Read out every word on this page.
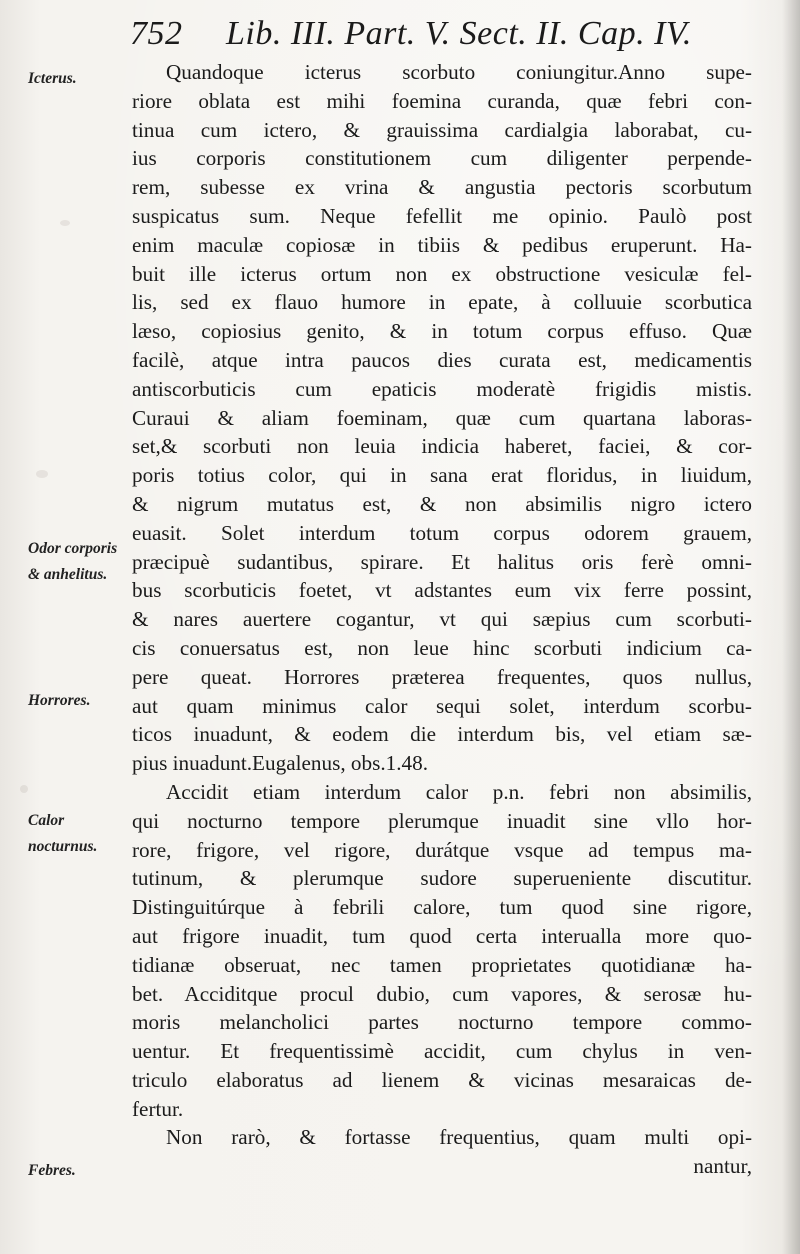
752 Lib. III. Part. V. Sect. II. Cap. IV.
Icterus.
Odor corporis & anhelitus.
Horrores.
Calor nocturnus.
Febres.
Quandoque icterus scorbuto coniungitur.Anno supe-
riore oblata est mihi foemina curanda, quæ febri con-
tinua cum ictero, & grauissima cardialgia laborabat, cu-
ius corporis constitutionem cum diligenter perpende-
rem, subesse ex vrina & angustia pectoris scorbutum
suspicatus sum. Neque fefellit me opinio. Paulò post
enim maculæ copiosæ in tibiis & pedibus eruperunt. Ha-
buit ille icterus ortum non ex obstructione vesiculæ fel-
lis, sed ex flauo humore in epate, à colluuie scorbutica
læso, copiosius genito, & in totum corpus effuso. Quæ
facilè, atque intra paucos dies curata est, medicamentis
antiscorbuticis cum epaticis moderatè frigidis mistis.
Curaui & aliam foeminam, quæ cum quartana laboras-
set,& scorbuti non leuia indicia haberet, faciei, & cor-
poris totius color, qui in sana erat floridus, in liuidum,
& nigrum mutatus est, & non absimilis nigro ictero
euasit. Solet interdum totum corpus odorem grauem,
præcipuè sudantibus, spirare. Et halitus oris ferè omni-
bus scorbuticis foetet, vt adstantes eum vix ferre possint,
& nares auertere cogantur, vt qui sæpius cum scorbuti-
cis conuersatus est, non leue hinc scorbuti indicium ca-
pere queat. Horrores præterea frequentes, quos nullus,
aut quam minimus calor sequi solet, interdum scorbu-
ticos inuadunt, & eodem die interdum bis, vel etiam sæ-
pius inuadunt.Eugalenus, obs.1.48.
Accidit etiam interdum calor p.n. febri non absimilis,
qui nocturno tempore plerumque inuadit sine vllo hor-
rore, frigore, vel rigore, durátque vsque ad tempus ma-
tutinum, & plerumque sudore superueniente discutitur.
Distinguitúrque à febrili calore, tum quod sine rigore,
aut frigore inuadit, tum quod certa interualla more quo-
tidianæ obseruat, nec tamen proprietates quotidianæ ha-
bet. Acciditque procul dubio, cum vapores, & serosæ hu-
moris melancholici partes nocturno tempore commo-
uentur. Et frequentissimè accidit, cum chylus in ven-
triculo elaboratus ad lienem & vicinas mesaraicas de-
fertur.
Non rarò, & fortasse frequentius, quam multi opi-
nantur,
